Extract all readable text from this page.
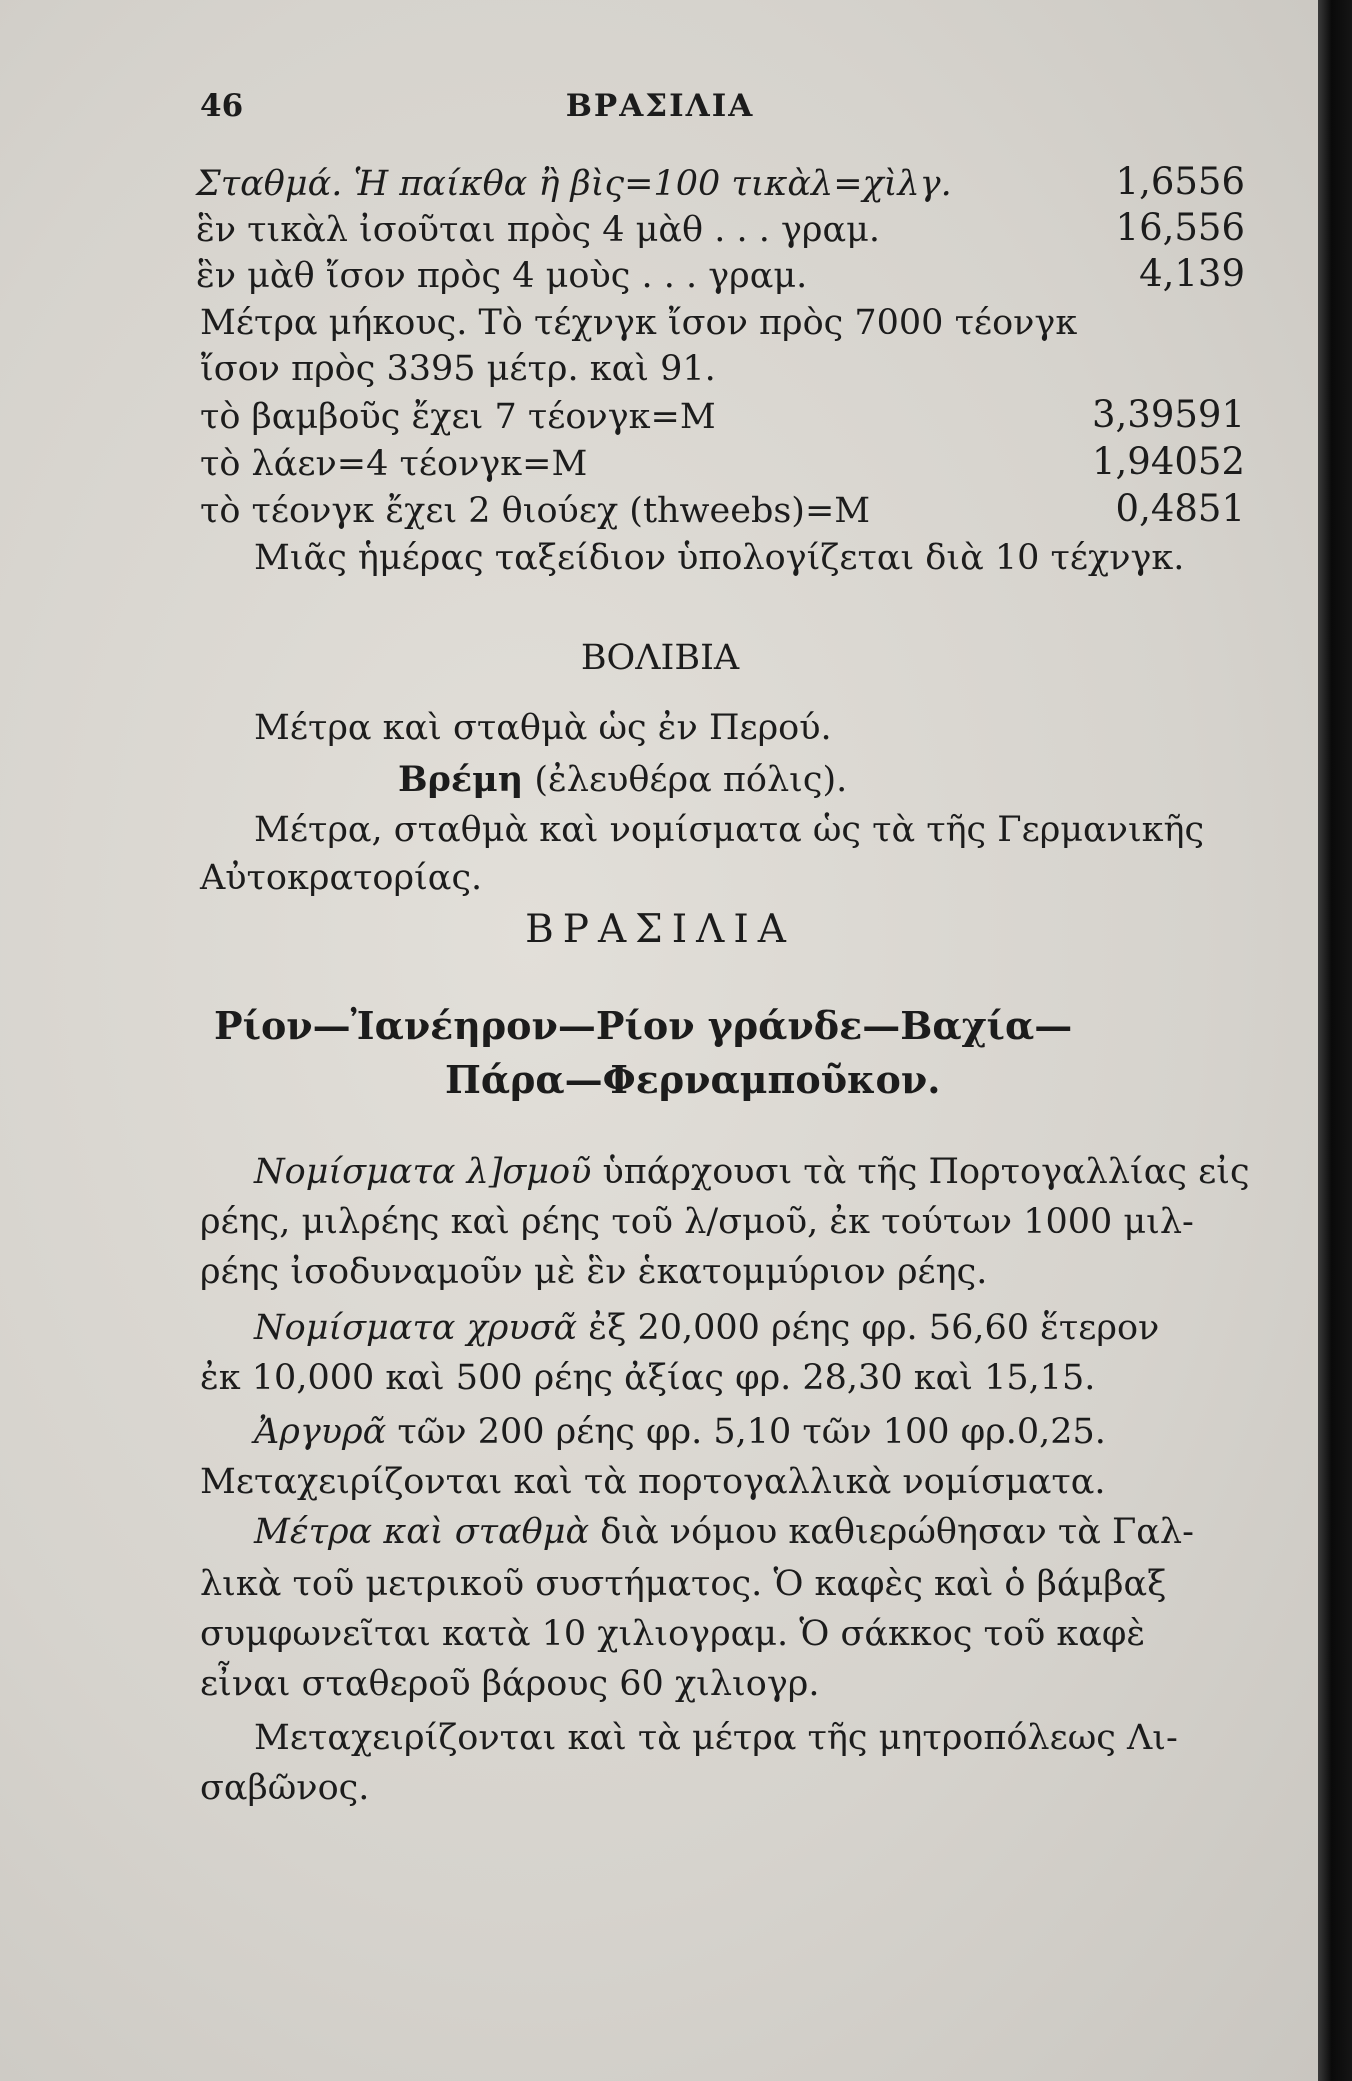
46	ΒΡΑΣΙΛΙΑ
Σταθμά. Ἡ παίκθα ἢ βὶς=100 τικὰλ=χὶλγ.	1,6556
ἓν τικὰλ ἰσοῦται πρὸς 4 μὰθ . . . γραμ.	16,556
ἓν μὰθ ἴσον πρὸς 4 μοὺς . . . γραμ.	4,139
Μέτρα μήκους. Τὸ τέχνγκ ἴσον πρὸς 7000 τέονγκ
ἴσον πρὸς 3395 μέτρ. καὶ 91.
τὸ βαμβοῦς ἔχει 7 τέονγκ=Μ	3,39591
τὸ λάεν=4 τέονγκ=Μ	1,94052
τὸ τέονγκ ἔχει 2 θιούεχ (thweebs)=Μ	0,4851
Μιᾶς ἡμέρας ταξείδιον ὑπολογίζεται διὰ 10 τέχνγκ.
ΒΟΛΙΒΙΑ
Μέτρα καὶ σταθμὰ ὡς ἐν Περού.
Βρέμη (ἐλευθέρα πόλις).
Μέτρα, σταθμὰ καὶ νομίσματα ὡς τὰ τῆς Γερμανικῆς
Αὐτοκρατορίας.
ΒΡΑΣΙΛΙΑ
Ρίον—Ἰανέηρον—Ρίον γράνδε—Βαχία—
Πάρα—Φερναμποῦκον.
Νομίσματα λ]σμοῦ ὑπάρχουσι τὰ τῆς Πορτογαλλίας εἰς
ρέης, μιλρέης καὶ ρέης τοῦ λ/σμοῦ, ἐκ τούτων 1000 μιλ-
ρέης ἰσοδυναμοῦν μὲ ἓν ἑκατομμύριον ρέης.
Νομίσματα χρυσᾶ ἐξ 20,000 ρέης φρ. 56,60 ἕτερον
ἐκ 10,000 καὶ 500 ρέης ἀξίας φρ. 28,30 καὶ 15,15.
Ἀργυρᾶ τῶν 200 ρέης φρ. 5,10 τῶν 100 φρ.0,25.
Μεταχειρίζονται καὶ τὰ πορτογαλλικὰ νομίσματα.
Μέτρα καὶ σταθμὰ διὰ νόμου καθιερώθησαν τὰ Γαλ-
λικὰ τοῦ μετρικοῦ συστήματος. Ὁ καφὲς καὶ ὁ βάμβαξ
συμφωνεῖται κατὰ 10 χιλιογραμ. Ὁ σάκκος τοῦ καφὲ
εἶναι σταθεροῦ βάρους 60 χιλιογρ.
Μεταχειρίζονται καὶ τὰ μέτρα τῆς μητροπόλεως Λι-
σαβῶνος.
